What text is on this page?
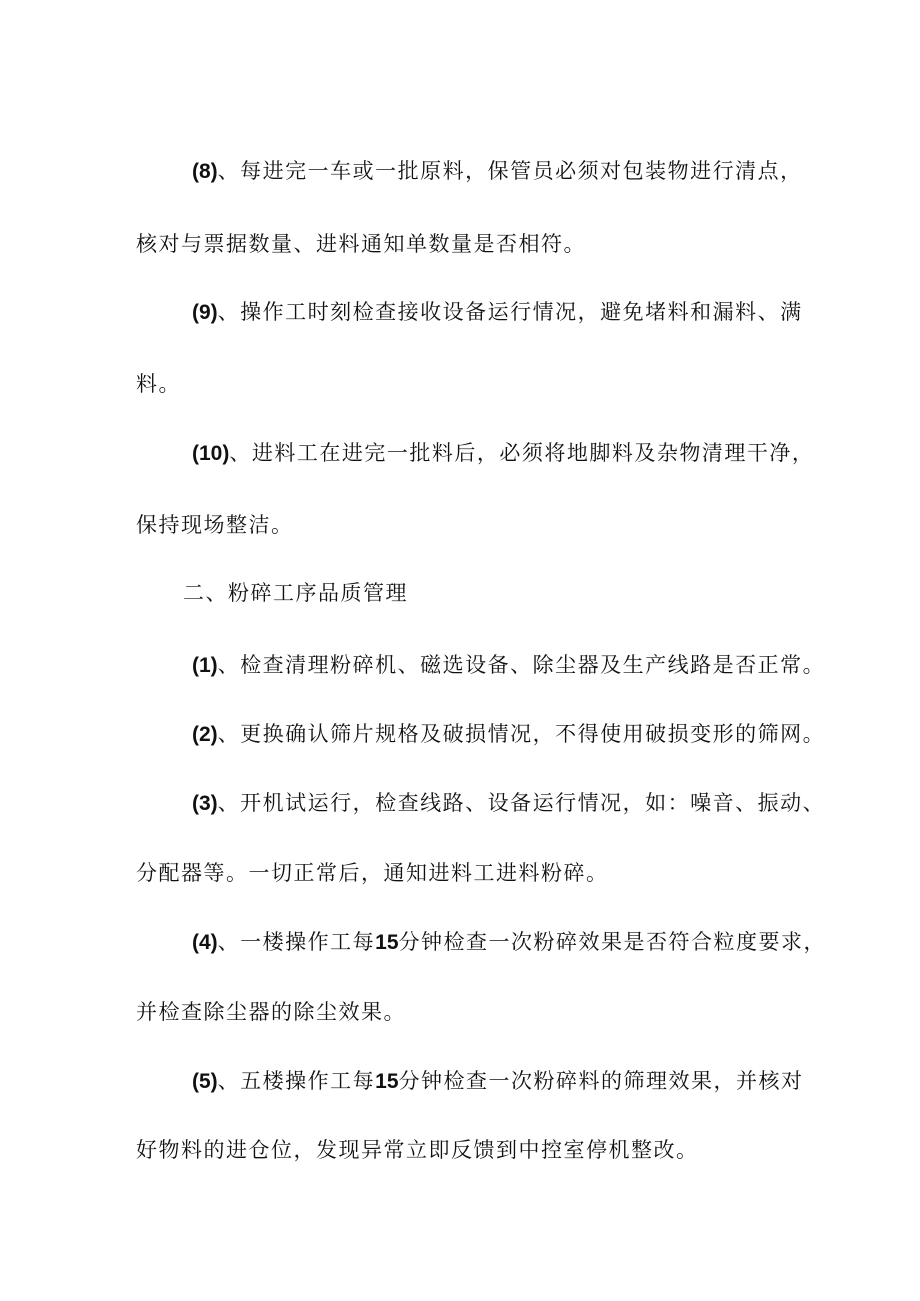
(8)、每进完一车或一批原料，保管员必须对包装物进行清点，

核对与票据数量、进料通知单数量是否相符。

(9)、操作工时刻检查接收设备运行情况，避免堵料和漏料、满

料。

(10)、进料工在进完一批料后，必须将地脚料及杂物清理干净，

保持现场整洁。

二、粉碎工序品质管理

(1)、检查清理粉碎机、磁选设备、除尘器及生产线路是否正常。

(2)、更换确认筛片规格及破损情况，不得使用破损变形的筛网。

(3)、开机试运行，检查线路、设备运行情况，如：噪音、振动、

分配器等。一切正常后，通知进料工进料粉碎。

(4)、一楼操作工每15分钟检查一次粉碎效果是否符合粒度要求，

并检查除尘器的除尘效果。

(5)、五楼操作工每15分钟检查一次粉碎料的筛理效果，并核对

好物料的进仓位，发现异常立即反馈到中控室停机整改。
